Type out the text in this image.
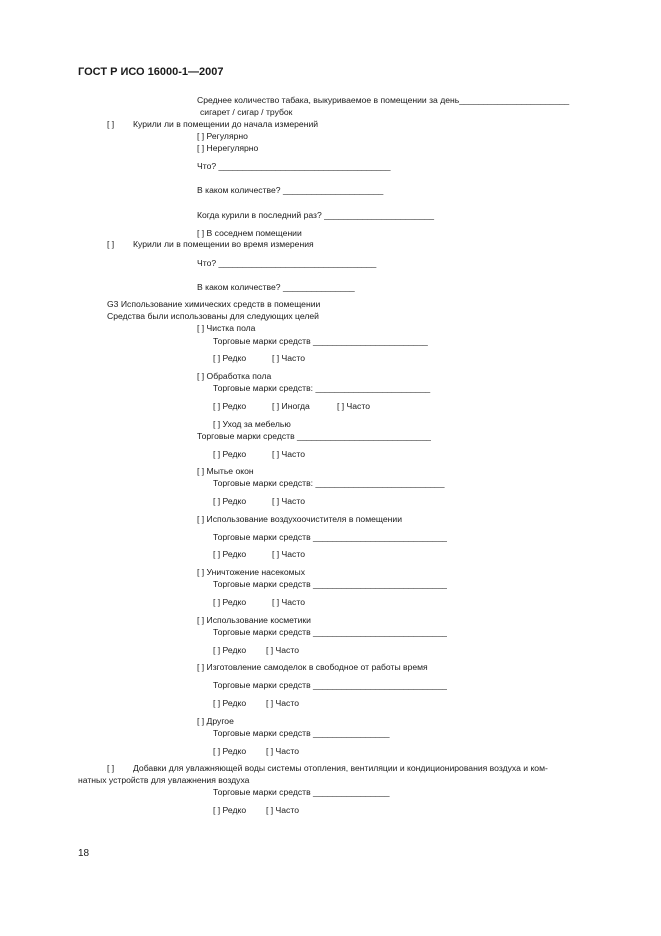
ГОСТ Р ИСО 16000-1—2007
Среднее количество табака, выкуриваемое в помещении за день_______________________
сигарет / сигар / трубок
[ ] Курили ли в помещении до начала измерений
[ ] Регулярно
[ ] Нерегулярно
Что? ____________________________________
В каком количестве? _____________________
Когда курили в последний раз? _______________________
[ ] В соседнем помещении
[ ] Курили ли в помещении во время измерения
Что? _________________________________
В каком количестве? _______________
G3 Использование химических средств в помещении
Средства были использованы для следующих целей
[ ] Чистка пола
Торговые марки средств ________________________
[ ] Редко	[ ] Часто
[ ] Обработка пола
Торговые марки средств: ________________________
[ ] Редко	[ ] Иногда	[ ] Часто
[ ] Уход за мебелью
Торговые марки средств ____________________________
[ ] Редко	[ ] Часто
[ ] Мытье окон
Торговые марки средств: ___________________________
[ ] Редко	[ ] Часто
[ ] Использование воздухоочистителя в помещении
Торговые марки средств ____________________________
[ ] Редко	[ ] Часто
[ ] Уничтожение насекомых
Торговые марки средств ____________________________
[ ] Редко	[ ] Часто
[ ] Использование косметики
Торговые марки средств ____________________________
[ ] Редко [ ] Часто
[ ] Изготовление самоделок в свободное от работы время
Торговые марки средств ____________________________
[ ] Редко [ ] Часто
[ ] Другое
Торговые марки средств ________________
[ ] Редко [ ] Часто
[ ] Добавки для увлажняющей воды системы отопления, вентиляции и кондиционирования воздуха и ком-
натных устройств для увлажнения воздуха
Торговые марки средств ________________
[ ] Редко [ ] Часто
18
